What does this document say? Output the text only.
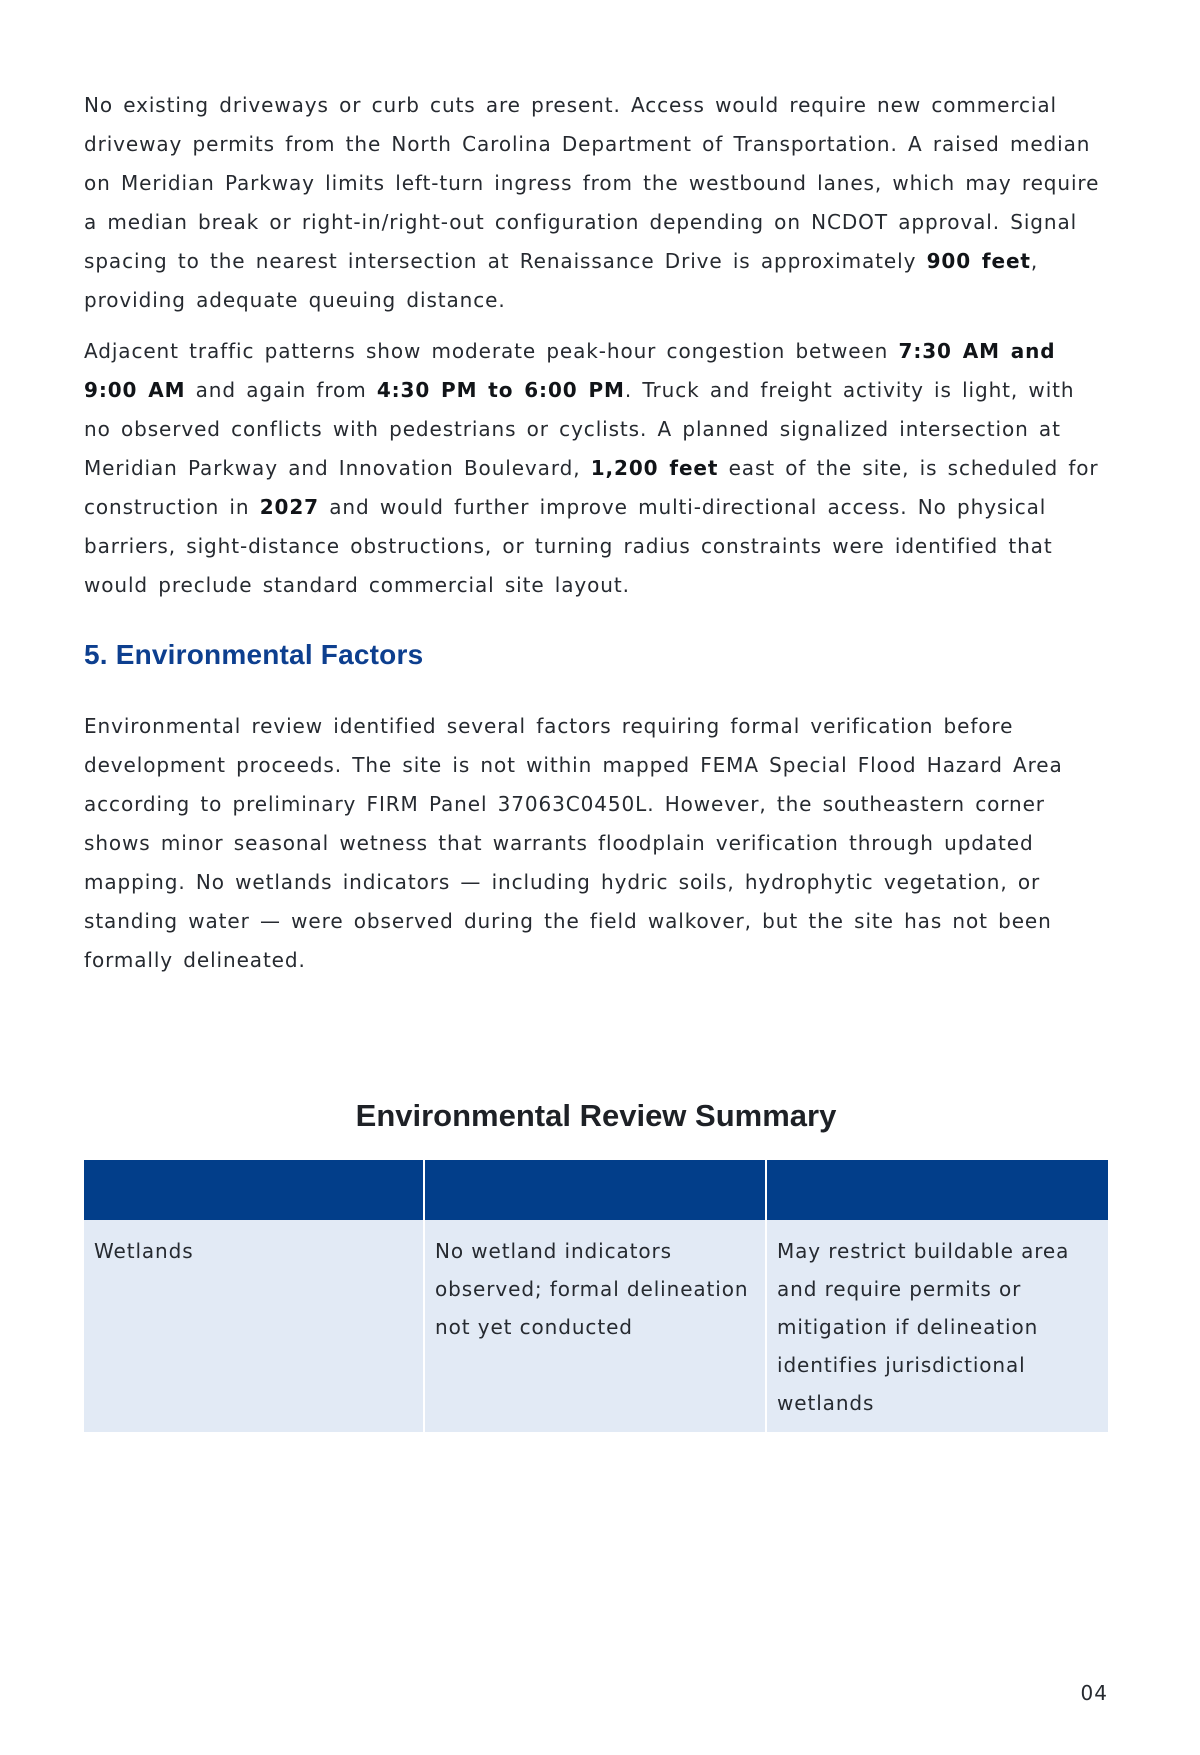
No existing driveways or curb cuts are present. Access would require new commercial driveway permits from the North Carolina Department of Transportation. A raised median on Meridian Parkway limits left-turn ingress from the westbound lanes, which may require a median break or right-in/right-out configuration depending on NCDOT approval. Signal spacing to the nearest intersection at Renaissance Drive is approximately 900 feet, providing adequate queuing distance.

Adjacent traffic patterns show moderate peak-hour congestion between 7:30 AM and 9:00 AM and again from 4:30 PM to 6:00 PM. Truck and freight activity is light, with no observed conflicts with pedestrians or cyclists. A planned signalized intersection at Meridian Parkway and Innovation Boulevard, 1,200 feet east of the site, is scheduled for construction in 2027 and would further improve multi-directional access. No physical barriers, sight-distance obstructions, or turning radius constraints were identified that would preclude standard commercial site layout.

5. Environmental Factors

Environmental review identified several factors requiring formal verification before development proceeds. The site is not within mapped FEMA Special Flood Hazard Area according to preliminary FIRM Panel 37063C0450L. However, the southeastern corner shows minor seasonal wetness that warrants floodplain verification through updated mapping. No wetlands indicators — including hydric soils, hydrophytic vegetation, or standing water — were observed during the field walkover, but the site has not been formally delineated.

Environmental Review Summary

Wetlands	No wetland indicators observed; formal delineation not yet conducted	May restrict buildable area and require permits or mitigation if delineation identifies jurisdictional wetlands
04
